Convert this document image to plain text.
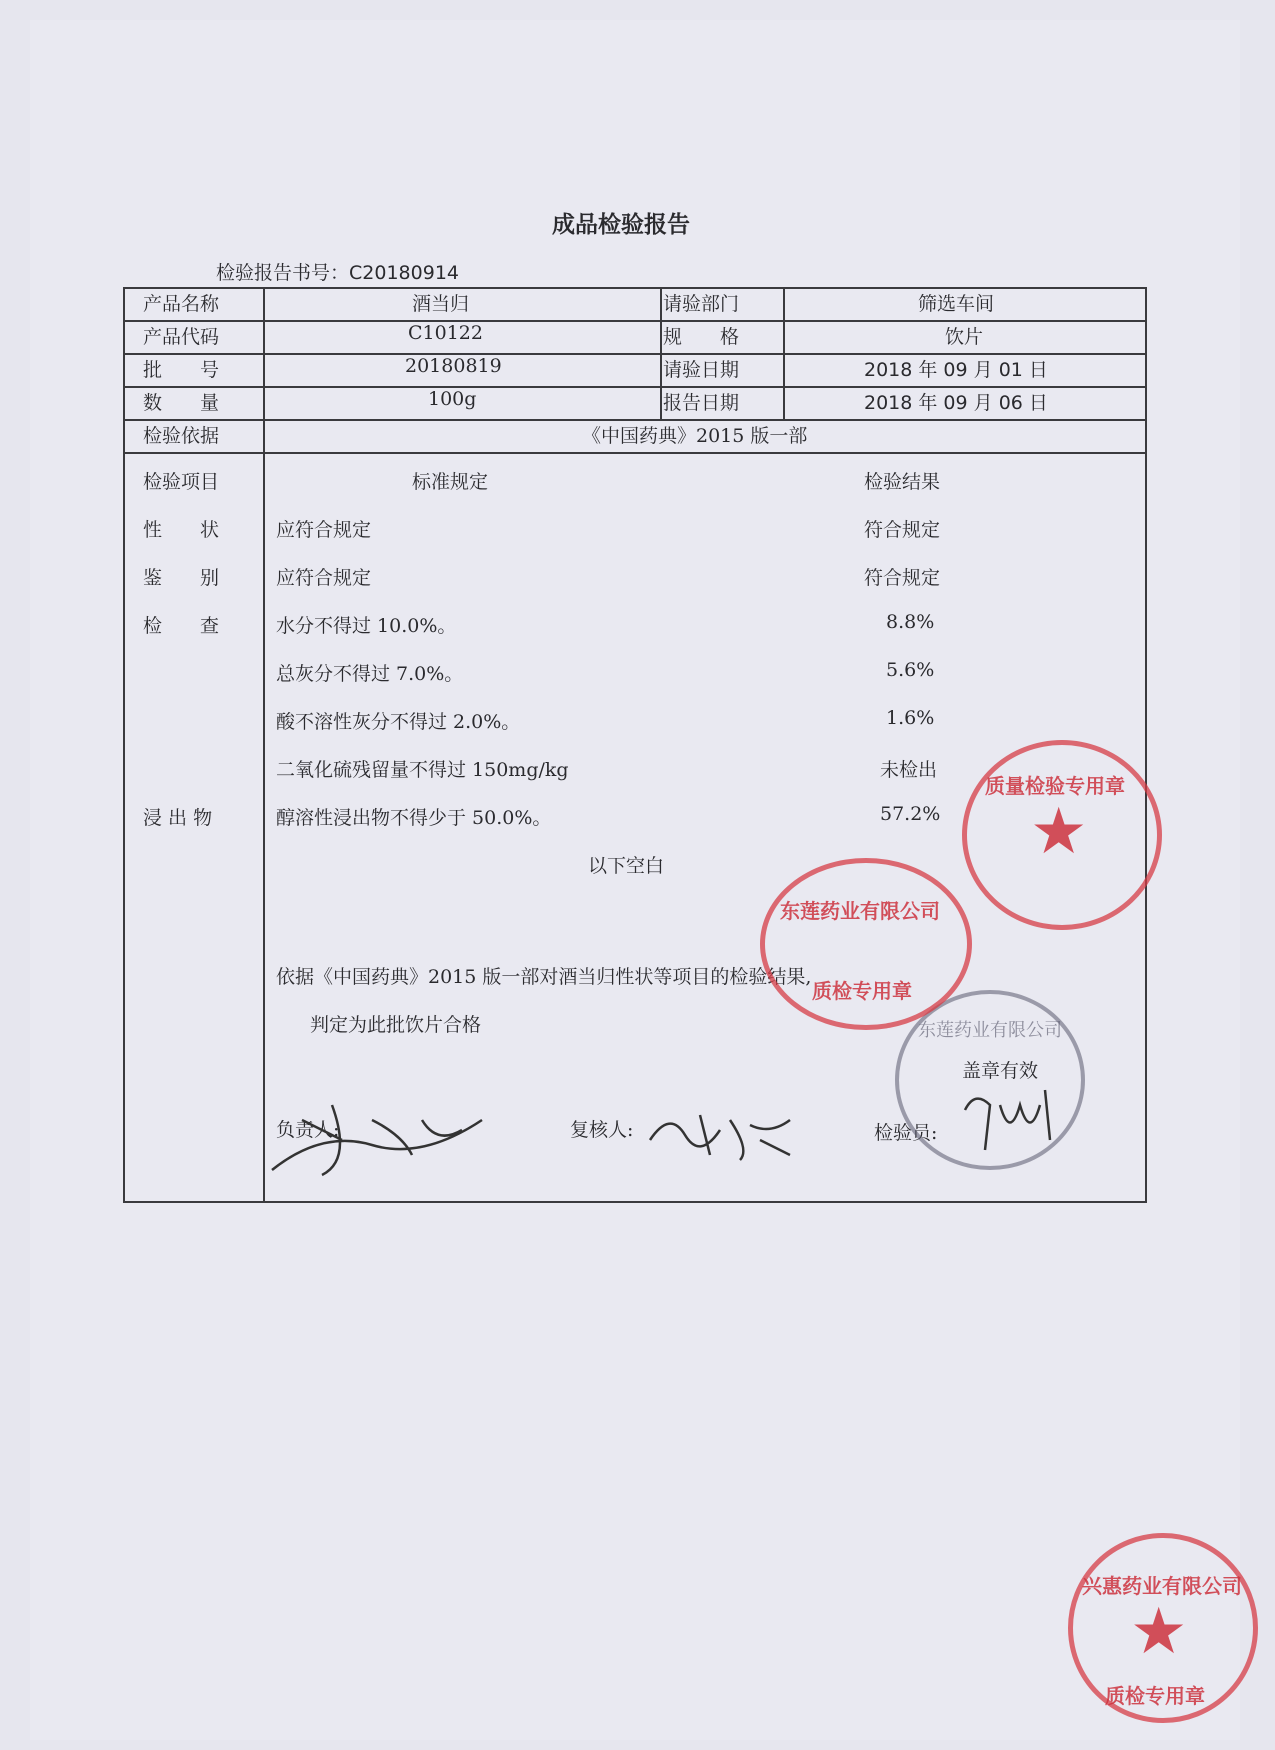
成品检验报告
检验报告书号：C20180914
产品名称	酒当归	请验部门	筛选车间
产品代码	C10122	规　　格	饮片
批　　号	20180819	请验日期	2018 年 09 月 01 日
数　　量	100g	报告日期	2018 年 09 月 06 日
检验依据	《中国药典》2015 版一部
检验项目	标准规定	检验结果
性　　状	应符合规定	符合规定
鉴　　别	应符合规定	符合规定
检　　查	水分不得过 10.0%。	8.8%
总灰分不得过 7.0%。	5.6%
酸不溶性灰分不得过 2.0%。	1.6%
二氧化硫残留量不得过 150mg/kg	未检出
浸 出 物	醇溶性浸出物不得少于 50.0%。	57.2%
以下空白
依据《中国药典》2015 版一部对酒当归性状等项目的检验结果,
判定为此批饮片合格
盖章有效
负责人:	复核人:	检验员:
东莲药业有限公司
东莲药业有限公司
质检专用章
★
质量检验专用章
★
兴惠药业有限公司
质检专用章
